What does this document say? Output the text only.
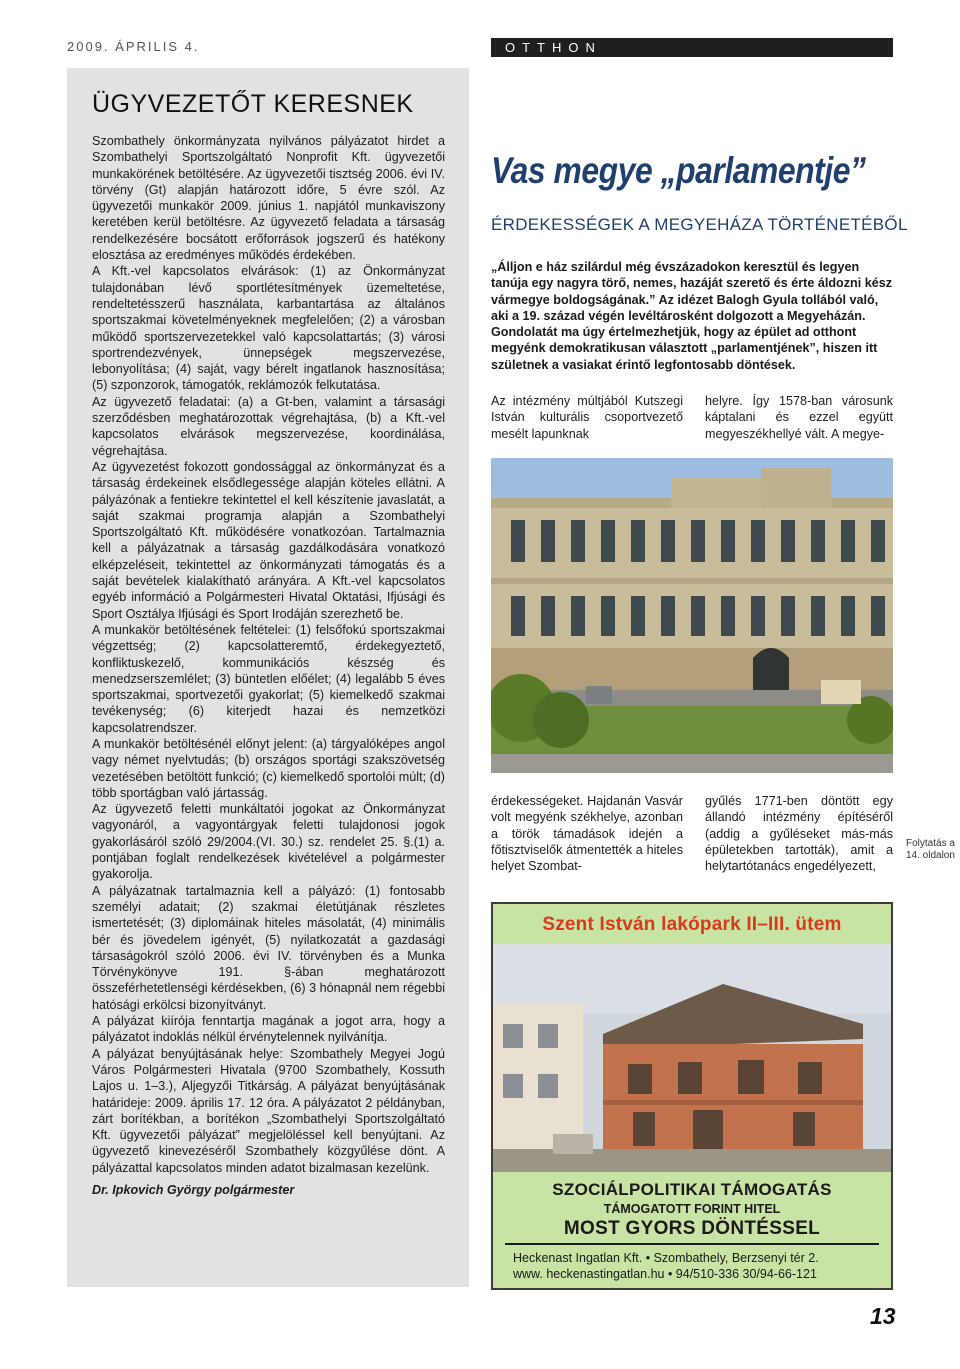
2009. ÁPRILIS 4.	OTTHON
ÜGYVEZETŐT KERESNEK

Szombathely önkormányzata nyilvános pályázatot hirdet a Szombathelyi Sportszolgáltató Nonprofit Kft. ügyvezetői munkakörének betöltésére. Az ügyvezetői tisztség 2006. évi IV. törvény (Gt) alapján határozott időre, 5 évre szól. Az ügyvezetői munkakör 2009. június 1. napjától munkaviszony keretében kerül betöltésre. Az ügyvezető feladata a társaság rendelkezésére bocsátott erőforrások jogszerű és hatékony elosztása az eredményes működés érdekében.

A Kft.-vel kapcsolatos elvárások: (1) az Önkormányzat tulajdonában lévő sportlétesítmények üzemeltetése, rendeltetésszerű használata, karbantartása az általános sportszakmai követelményeknek megfelelően; (2) a városban működő sportszervezetekkel való kapcsolattartás; (3) városi sportrendezvények, ünnepségek megszervezése, lebonyolítása; (4) saját, vagy bérelt ingatlanok hasznosítása; (5) szponzorok, támogatók, reklámozók felkutatása.

Az ügyvezető feladatai: (a) a Gt-ben, valamint a társasági szerződésben meghatározottak végrehajtása, (b) a Kft.-vel kapcsolatos elvárások megszervezése, koordinálása, végrehajtása.

Az ügyvezetést fokozott gondossággal az önkormányzat és a társaság érdekeinek elsődlegessége alapján köteles ellátni. A pályázónak a fentiekre tekintettel el kell készítenie javaslatát, a saját szakmai programja alapján a Szombathelyi Sportszolgáltató Kft. működésére vonatkozóan. Tartalmaznia kell a pályázatnak a társaság gazdálkodására vonatkozó elképzeléseit, tekintettel az önkormányzati támogatás és a saját bevételek kialakítható arányára. A Kft.-vel kapcsolatos egyéb információ a Polgármesteri Hivatal Oktatási, Ifjúsági és Sport Osztálya Ifjúsági és Sport Irodáján szerezhető be.

A munkakör betöltésének feltételei: (1) felsőfokú sportszakmai végzettség; (2) kapcsolatteremtő, érdekegyeztető, konfliktuskezelő, kommunikációs készség és menedzserszemlélet; (3) büntetlen előélet; (4) legalább 5 éves sportszakmai, sportvezetői gyakorlat; (5) kiemelkedő szakmai tevékenység; (6) kiterjedt hazai és nemzetközi kapcsolatrendszer.

A munkakör betöltésénél előnyt jelent: (a) tárgyalóképes angol vagy német nyelvtudás; (b) országos sportági szakszövetség vezetésében betöltött funkció; (c) kiemelkedő sportolói múlt; (d) több sportágban való jártasság.

Az ügyvezető feletti munkáltatói jogokat az Önkormányzat vagyonáról, a vagyontárgyak feletti tulajdonosi jogok gyakorlásáról szóló 29/2004.(VI. 30.) sz. rendelet 25. §.(1) a. pontjában foglalt rendelkezések kivételével a polgármester gyakorolja.

A pályázatnak tartalmaznia kell a pályázó: (1) fontosabb személyi adatait; (2) szakmai életútjának részletes ismertetését; (3) diplomáinak hiteles másolatát, (4) minimális bér és jövedelem igényét, (5) nyilatkozatát a gazdasági társaságokról szóló 2006. évi IV. törvényben és a Munka Törvénykönyve 191. §-ában meghatározott összeférhetetlenségi kérdésekben, (6) 3 hónapnál nem régebbi hatósági erkölcsi bizonyítványt.

A pályázat kiírója fenntartja magának a jogot arra, hogy a pályázatot indoklás nélkül érvénytelennek nyilvánítja.

A pályázat benyújtásának helye: Szombathely Megyei Jogú Város Polgármesteri Hivatala (9700 Szombathely, Kossuth Lajos u. 1–3.), Aljegyzői Titkárság. A pályázat benyújtásának határideje: 2009. április 17. 12 óra. A pályázatot 2 példányban, zárt borítékban, a borítékon „Szombathelyi Sportszolgáltató Kft. ügyvezetői pályázat” megjelöléssel kell benyújtani. Az ügyvezető kinevezéséről Szombathely közgyűlése dönt. A pályázattal kapcsolatos minden adatot bizalmasan kezelünk.

Dr. Ipkovich György polgármester

Vas megye „parlamentje”
ÉRDEKESSÉGEK A MEGYEHÁZA TÖRTÉNETÉBŐL

„Álljon e ház szilárdul még évszázadokon keresztül és legyen tanúja egy nagyra törő, nemes, hazáját szerető és érte áldozni kész vármegye boldogságának.” Az idézet Balogh Gyula tollából való, aki a 19. század végén levéltárosként dolgozott a Megyeházán. Gondolatát ma úgy értelmezhetjük, hogy az épület ad otthont megyénk demokratikusan választott „parlamentjének”, hiszen itt születnek a vasiakat érintő legfontosabb döntések.

Az intézmény múltjából Kutszegi István kulturális csoportvezető mesélt lapunknak

helyre. Így 1578-ban városunk káptalani és ezzel együtt megyeszékhellyé vált. A megye-

érdekességeket. Hajdanán Vasvár volt megyénk székhelye, azonban a török támadások idején a főtisztviselők átmentették a hiteles helyet Szombat-

gyűlés 1771-ben döntött egy állandó intézmény építéséről (addig a gyűléseket más-más épületekben tartották), amit a helytartótanács engedélyezett,

Folytatás a 14. oldalon
Szent István lakópark II–III. ütem
SZOCIÁLPOLITIKAI TÁMOGATÁS
TÁMOGATOTT FORINT HITEL
MOST GYORS DÖNTÉSSEL
Heckenast Ingatlan Kft. • Szombathely, Berzsenyi tér 2.
www. heckenastingatlan.hu • 94/510-336 30/94-66-121
13
